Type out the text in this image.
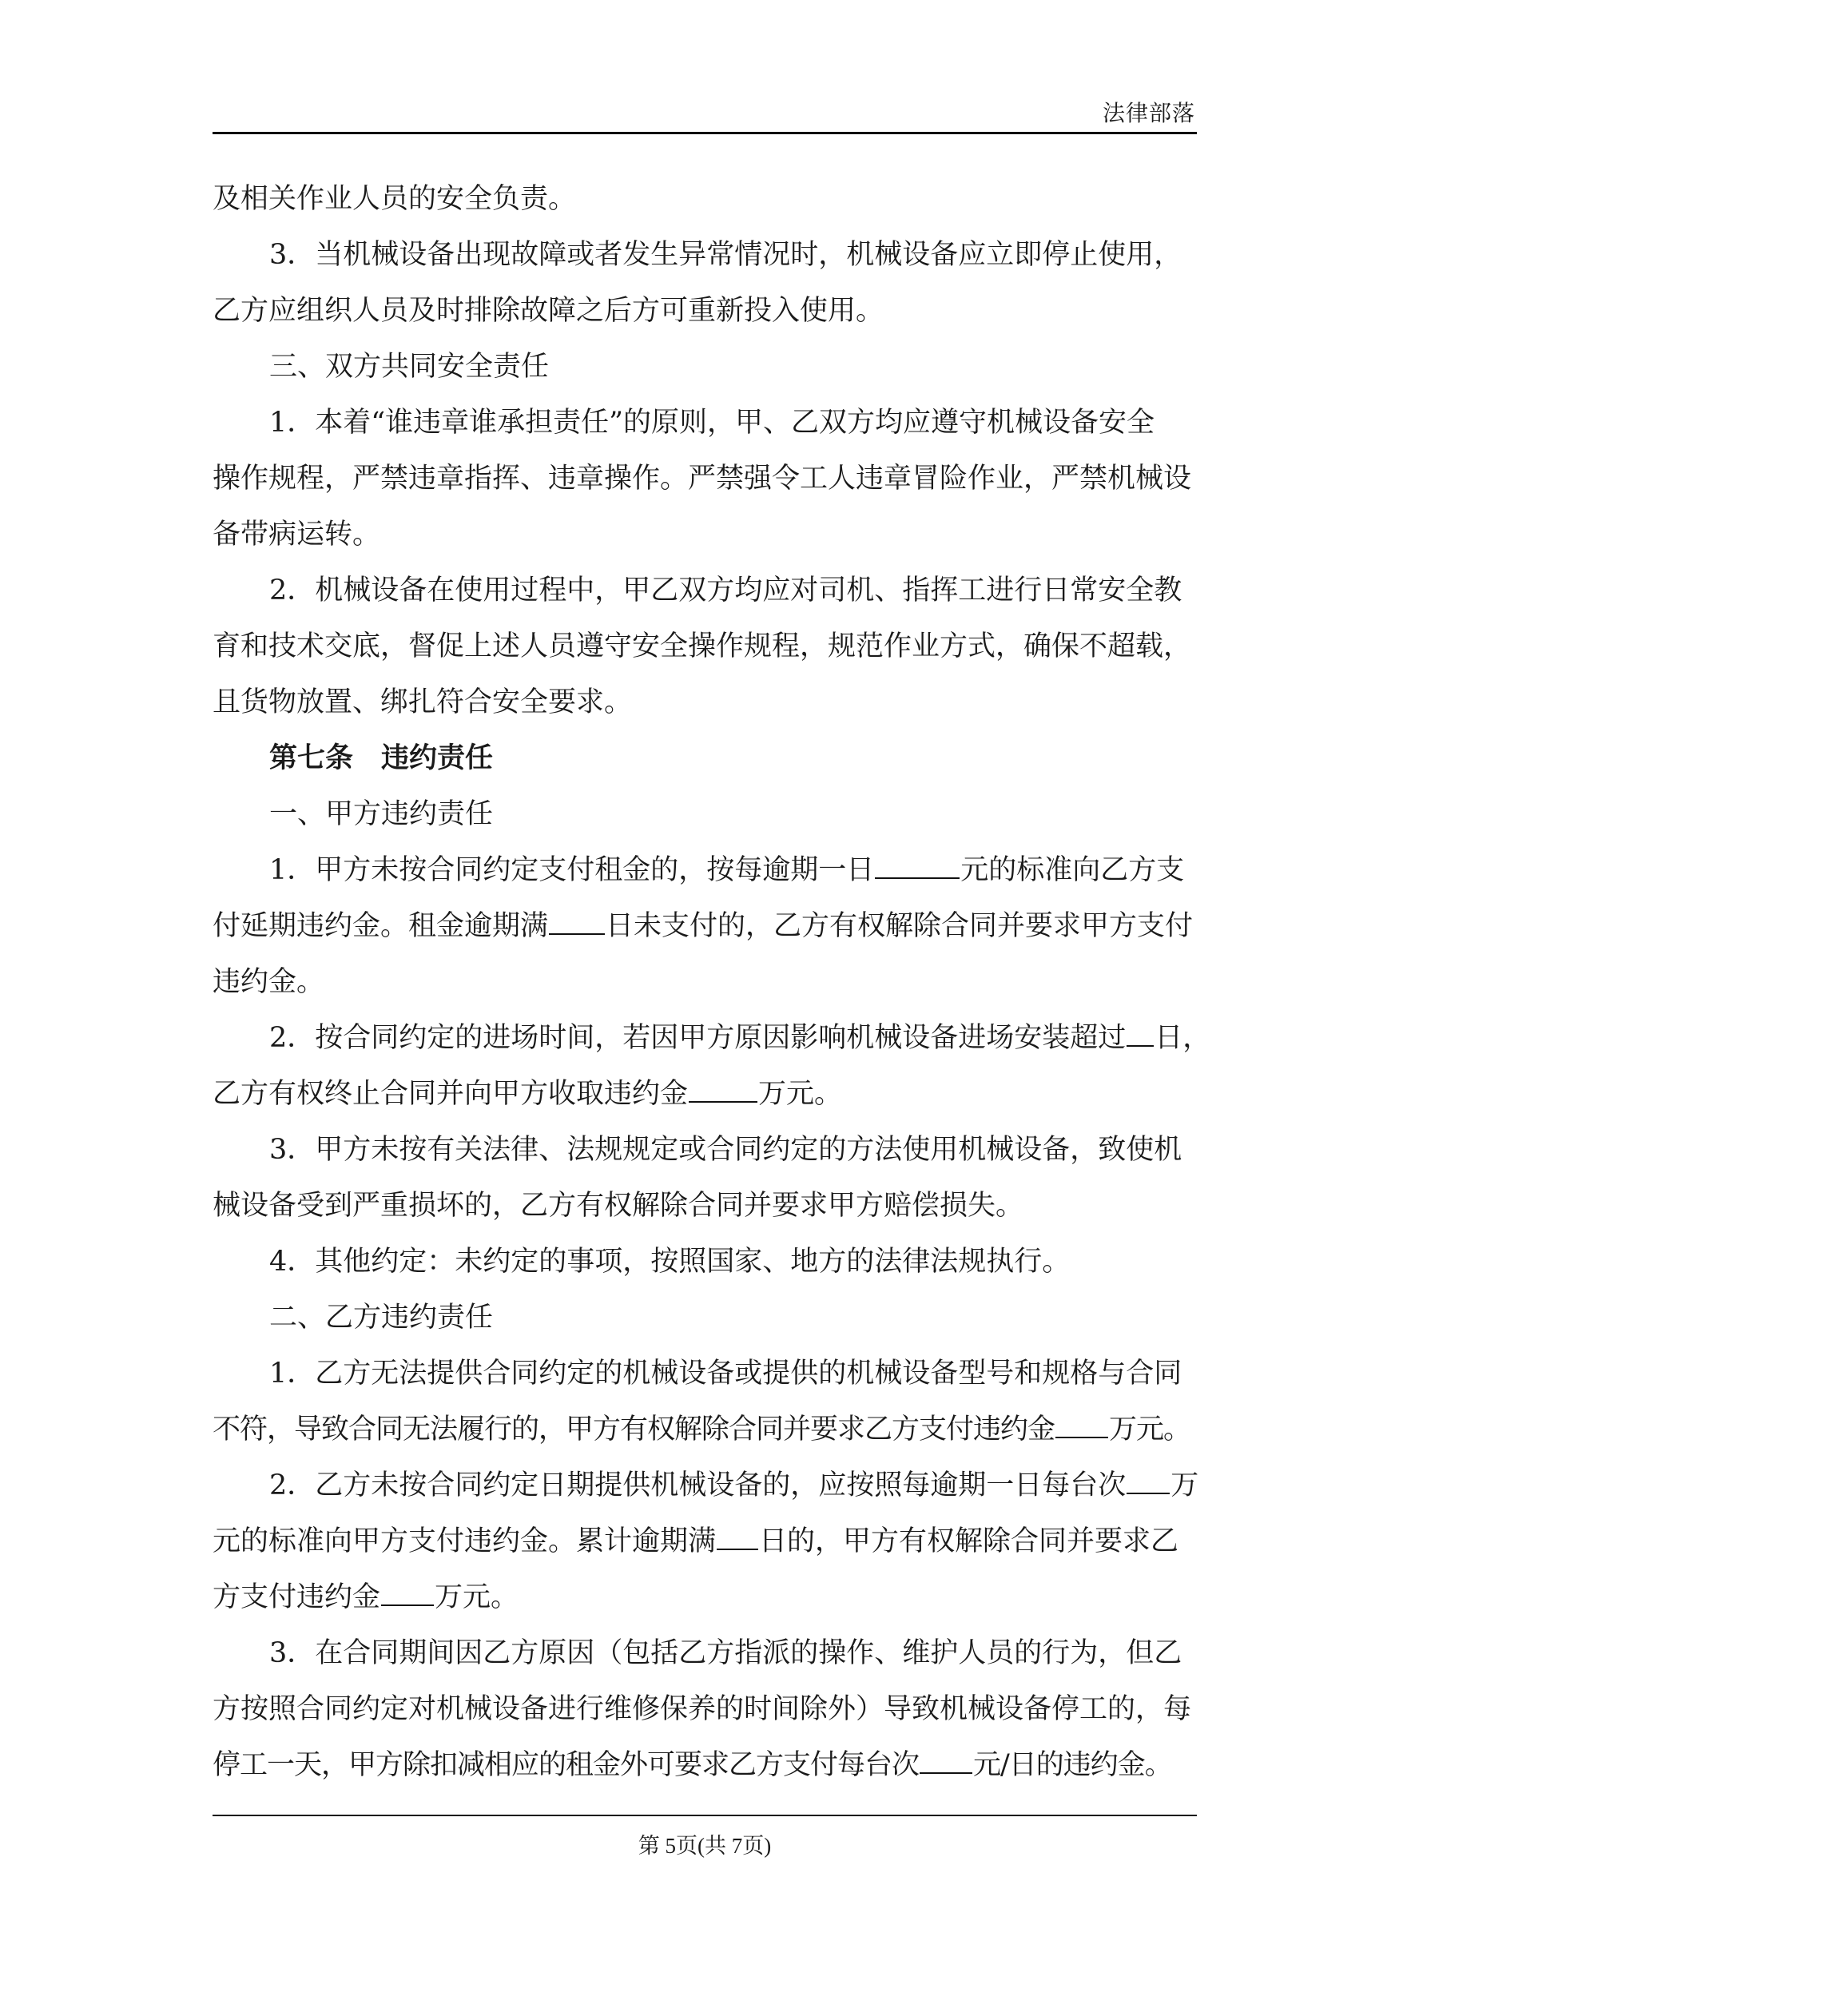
法律部落
及相关作业人员的安全负责。
3．当机械设备出现故障或者发生异常情况时，机械设备应立即停止使用，
乙方应组织人员及时排除故障之后方可重新投入使用。
三、双方共同安全责任
1．本着“谁违章谁承担责任”的原则，甲、乙双方均应遵守机械设备安全
操作规程，严禁违章指挥、违章操作。严禁强令工人违章冒险作业，严禁机械设
备带病运转。
2．机械设备在使用过程中，甲乙双方均应对司机、指挥工进行日常安全教
育和技术交底，督促上述人员遵守安全操作规程，规范作业方式，确保不超载，
且货物放置、绑扎符合安全要求。
第七条　违约责任
一、甲方违约责任
1．甲方未按合同约定支付租金的，按每逾期一日	元的标准向乙方支
付延期违约金。租金逾期满 日未支付的，乙方有权解除合同并要求甲方支付
违约金。
2．按合同约定的进场时间，若因甲方原因影响机械设备进场安装超过 日，
乙方有权终止合同并向甲方收取违约金	万元。
3．甲方未按有关法律、法规规定或合同约定的方法使用机械设备，致使机
械设备受到严重损坏的，乙方有权解除合同并要求甲方赔偿损失。
4．其他约定：未约定的事项，按照国家、地方的法律法规执行。
二、乙方违约责任
1．乙方无法提供合同约定的机械设备或提供的机械设备型号和规格与合同
不符，导致合同无法履行的，甲方有权解除合同并要求乙方支付违约金 万元。
2．乙方未按合同约定日期提供机械设备的，应按照每逾期一日每台次 万
元的标准向甲方支付违约金。累计逾期满 日的，甲方有权解除合同并要求乙
方支付违约金 万元。
3．在合同期间因乙方原因（包括乙方指派的操作、维护人员的行为，但乙
方按照合同约定对机械设备进行维修保养的时间除外）导致机械设备停工的，每
停工一天，甲方除扣减相应的租金外可要求乙方支付每台次 元/日的违约金。
第 5页(共 7页)
